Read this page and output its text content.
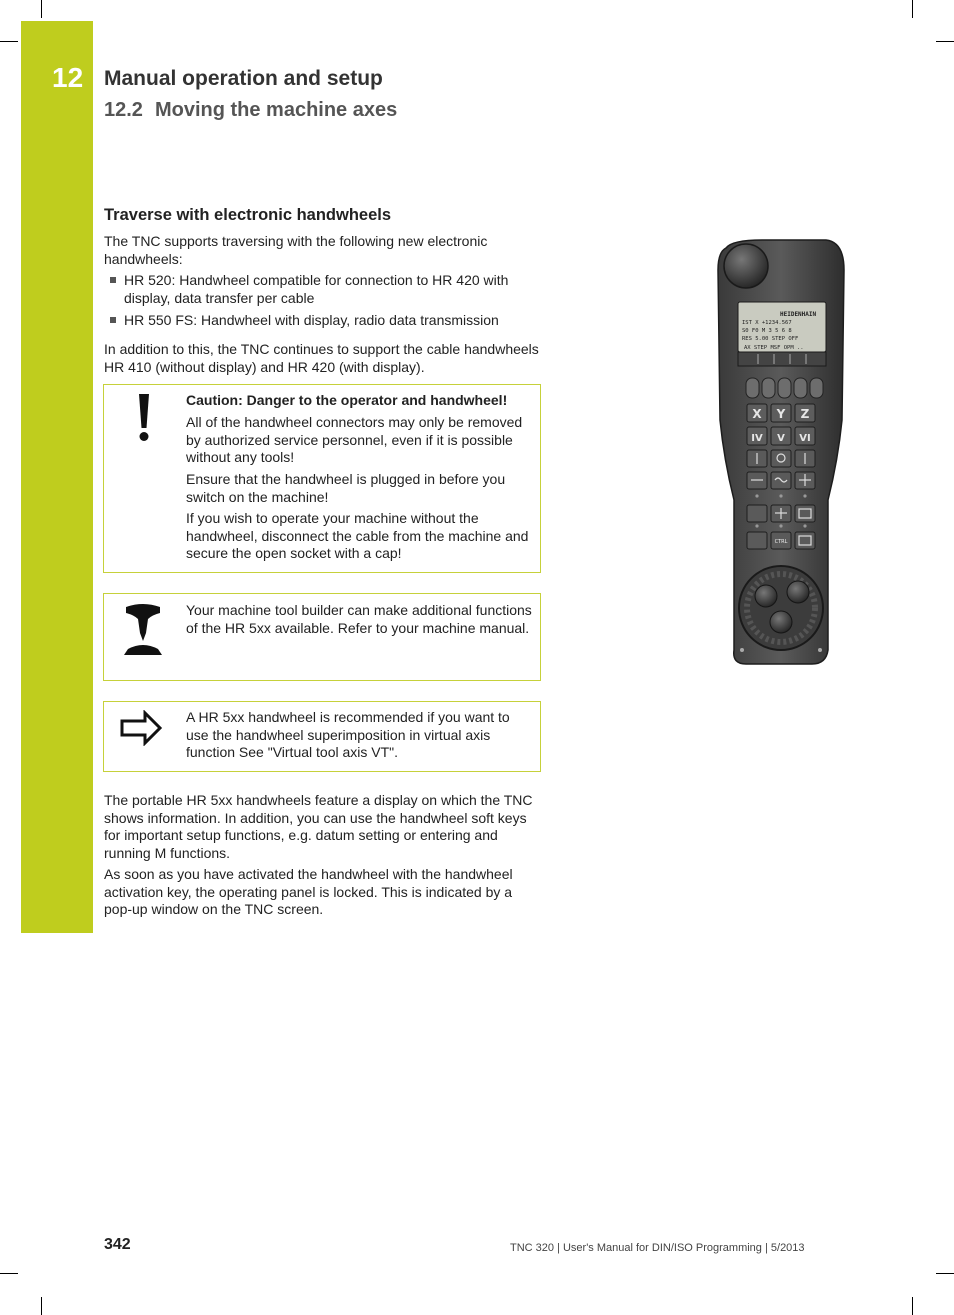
12 Manual operation and setup
12.2 Moving the machine axes
Traverse with electronic handwheels
The TNC supports traversing with the following new electronic handwheels:
HR 520: Handwheel compatible for connection to HR 420 with display, data transfer per cable
HR 550 FS: Handwheel with display, radio data transmission
In addition to this, the TNC continues to support the cable handwheels HR 410 (without display) and HR 420 (with display).
Caution: Danger to the operator and handwheel!
All of the handwheel connectors may only be removed by authorized service personnel, even if it is possible without any tools!
Ensure that the handwheel is plugged in before you switch on the machine!
If you wish to operate your machine without the handwheel, disconnect the cable from the machine and secure the open socket with a cap!
Your machine tool builder can make additional functions of the HR 5xx available. Refer to your machine manual.
A HR 5xx handwheel is recommended if you want to use the handwheel superimposition in virtual axis function See "Virtual tool axis VT".
The portable HR 5xx handwheels feature a display on which the TNC shows information. In addition, you can use the handwheel soft keys for important setup functions, e.g. datum setting or entering and running M functions.
As soon as you have activated the handwheel with the handwheel activation key, the operating panel is locked. This is indicated by a pop-up window on the TNC screen.
HEIDENHAIN
IST X +1234.567
S0 F0 M 3 5 6 8
RES 5.00 STEP OFF
AX STEP MSF OPM ..
X Y Z
IV V VI
CTRL
342	TNC 320 | User's Manual for DIN/ISO Programming | 5/2013
